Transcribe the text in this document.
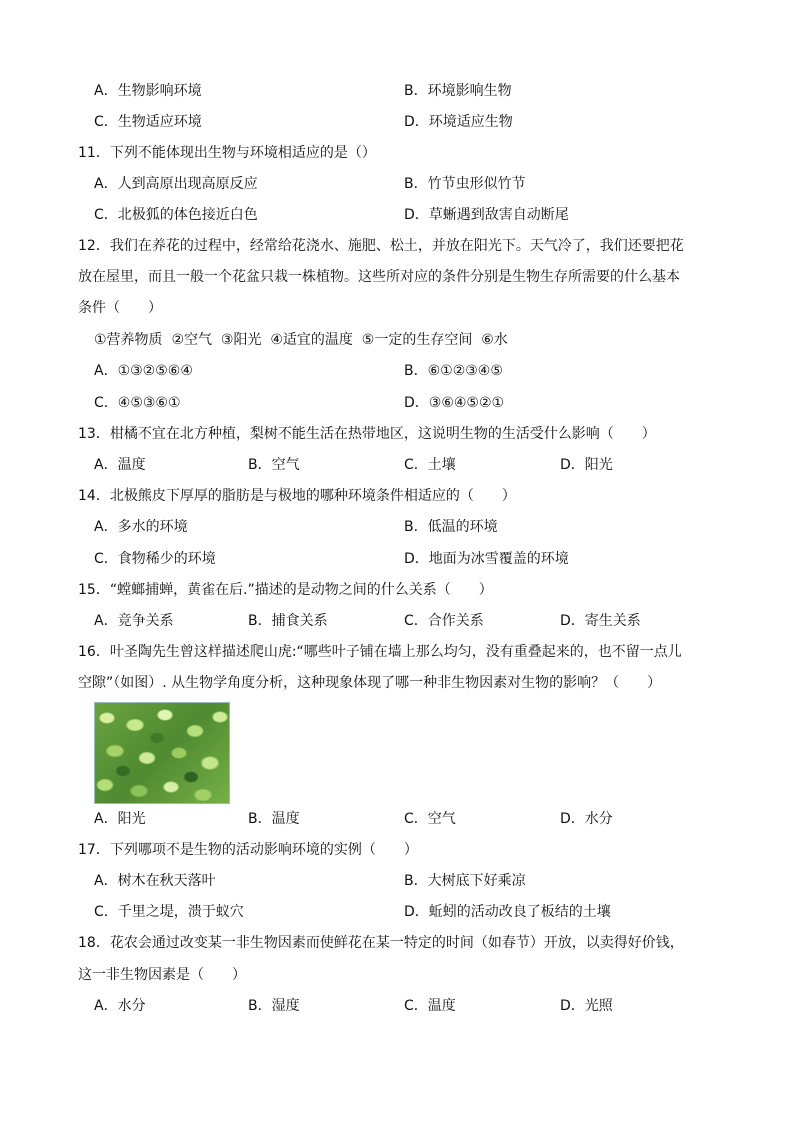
A．生物影响环境	B．环境影响生物
C．生物适应环境	D．环境适应生物
11．下列不能体现出生物与环境相适应的是（）
A．人到高原出现高原反应	B．竹节虫形似竹节
C．北极狐的体色接近白色	D．草蜥遇到敌害自动断尾
12．我们在养花的过程中，经常给花浇水、施肥、松土，并放在阳光下。天气冷了，我们还要把花
放在屋里，而且一般一个花盆只栽一株植物。这些所对应的条件分别是生物生存所需要的什么基本
条件（　　）
①营养物质  ②空气  ③阳光  ④适宜的温度  ⑤一定的生存空间  ⑥水
A．①③②⑤⑥④	B．⑥①②③④⑤
C．④⑤③⑥①	D．③⑥④⑤②①
13．柑橘不宜在北方种植，梨树不能生活在热带地区，这说明生物的生活受什么影响（　　）
A．温度	B．空气	C．土壤	D．阳光
14．北极熊皮下厚厚的脂肪是与极地的哪种环境条件相适应的（　　）
A．多水的环境	B．低温的环境
C．食物稀少的环境	D．地面为冰雪覆盖的环境
15．“螳螂捕蝉，黄雀在后.”描述的是动物之间的什么关系（　　）
A．竞争关系	B．捕食关系	C．合作关系	D．寄生关系
16．叶圣陶先生曾这样描述爬山虎:“哪些叶子铺在墙上那么均匀，没有重叠起来的，也不留一点儿
空隙”（如图）. 从生物学角度分析，这种现象体现了哪一种非生物因素对生物的影响？（　　）
A．阳光	B．温度	C．空气	D．水分
17．下列哪项不是生物的活动影响环境的实例（　　）
A．树木在秋天落叶	B．大树底下好乘凉
C．千里之堤，溃于蚁穴	D．蚯蚓的活动改良了板结的土壤
18．花农会通过改变某一非生物因素而使鲜花在某一特定的时间（如春节）开放，以卖得好价钱，
这一非生物因素是（　　）
A．水分	B．湿度	C．温度	D．光照
